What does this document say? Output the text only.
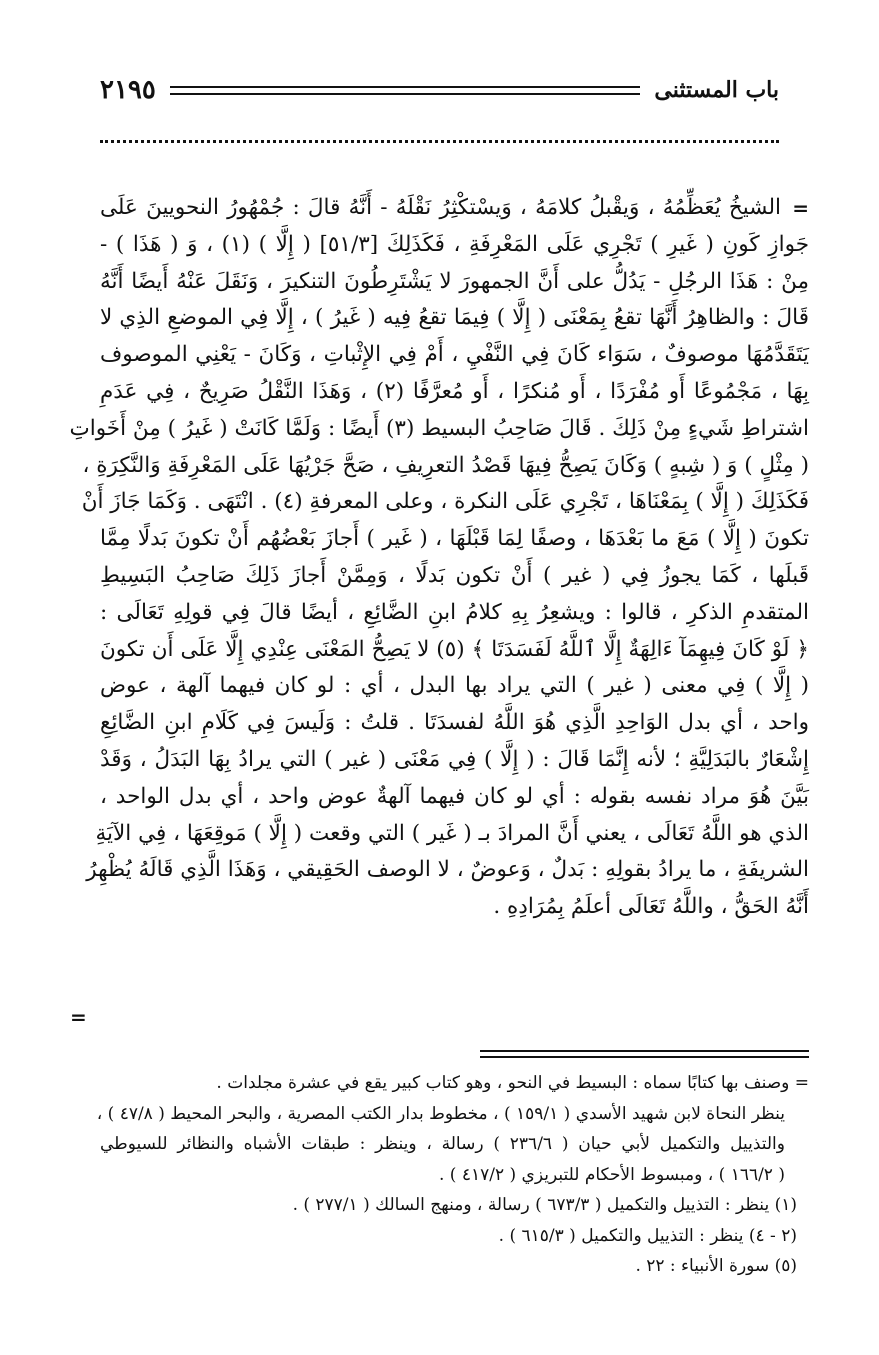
باب المستثنى
٢١٩٥
=
الشيخُ يُعَظِّمُهُ ، وَيقْبلُ كلامَهُ ، وَيسْتكْثِرُ نَقْلَهُ - أَنَّهُ قالَ : جُمْهُورُ النحويينَ عَلَى
جَوازِ كَونِ ( غَيرِ ) تَجْرِي عَلَى المَعْرِفَةِ ، فَكَذَلِكَ [٥١/٣] ( إِلَّا ) (١) ، وَ ( هَذَا ) -
مِنْ : هَذَا الرجُلِ - يَدُلُّ على أَنَّ الجمهورَ لا يَشْتَرِطُونَ التنكيرَ ، وَنَقَلَ عَنْهُ أَيضًا أَنَّهُ
قَالَ : والظاهِرُ أَنَّهَا تقعُ بِمَعْنَى ( إِلَّا ) فِيمَا تقعُ فِيه ( غَيرُ ) ، إِلَّا فِي الموضعِ الذِي لا
يَتَقَدَّمُهَا موصوفٌ ، سَوَاء كَانَ فِي النَّفْيِ ، أَمْ فِي الإِثْباتِ ، وَكَانَ - يَعْنِي الموصوف
بِهَا ، مَجْمُوعًا أَو مُفْرَدًا ، أَو مُنكرًا ، أَو مُعرَّفًا (٢) ، وَهَذَا النَّقْلُ صَرِيحٌ ، فِي عَدَمِ
اشتراطِ شَيءٍ مِنْ ذَلِكَ . قَالَ صَاحِبُ البسيط (٣) أَيضًا : وَلَمَّا كَانَتْ ( غَيرُ ) مِنْ أَخَواتِ
( مِثْلٍ ) وَ ( شِبهٍ ) وَكَانَ يَصِحُّ فِيهَا قَصْدُ التعرِيفِ ، صَحَّ جَرْيُهَا عَلَى المَعْرِفَةِ وَالنَّكِرَةِ ،
فَكَذَلِكَ ( إِلَّا ) بِمَعْنَاهَا ، تَجْرِي عَلَى النكرة ، وعلى المعرفةِ (٤) . انْتَهَى . وَكَمَا جَازَ أَنْ
تكونَ ( إِلَّا ) مَعَ ما بَعْدَهَا ، وصفًا لِمَا قَبْلَهَا ، ( غَير ) أَجازَ بَعْضُهُم أَنْ تكونَ بَدلًا مِمَّا
قَبلَها ، كَمَا يجوزُ فِي ( غير ) أَنْ تكون بَدلًا ، وَمِمَّنْ أَجازَ ذَلِكَ صَاحِبُ البَسِيطِ
المتقدمِ الذكرِ ، قالوا : ويشعِرُ بِهِ كلامُ ابنِ الضَّائِعِ ، أيضًا قالَ فِي قولِهِ تَعَالَى :
﴿ لَوْ كَانَ فِيهِمَآ ءَالِهَةٌ إِلَّا ٱللَّهُ لَفَسَدَتَا ﴾ (٥) لا يَصِحُّ المَعْنَى عِنْدِي إِلَّا عَلَى أَن تكونَ
( إِلَّا ) فِي معنى ( غير ) التي يراد بها البدل ، أي : لو كان فيهما آلهة ، عوض
واحد ، أي بدل الوَاحِدِ الَّذِي هُوَ اللَّهُ لفسدَتَا . قلتُ : وَلَيسَ فِي كَلَامِ ابنِ الضَّائِعِ
إِشْعَارٌ بالبَدَلِيَّةِ ؛ لأنه إِنَّمَا قَالَ : ( إِلَّا ) فِي مَعْنَى ( غير ) التي يرادُ بِهَا البَدَلُ ، وَقَدْ
بَيَّنَ هُوَ مراد نفسه بقوله : أي لو كان فيهما آلهةٌ عوض واحد ، أي بدل الواحد ،
الذي هو اللَّهُ تَعَالَى ، يعني أَنَّ المرادَ بـ ( غَير ) التي وقعت ( إِلَّا ) مَوقِعَهَا ، فِي الآيَةِ
الشريفَةِ ، ما يرادُ بقولِهِ : بَدلٌ ، وَعوضٌ ، لا الوصف الحَقِيقي ، وَهَذَا الَّذِي قَالَهُ يُظْهِرُ
أَنَّهُ الحَقُّ ، واللَّهُ تَعَالَى أعلَمُ بِمُرَادِهِ .
=
= وصنف بها كتابًا سماه : البسيط في النحو ، وهو كتاب كبير يقع في عشرة مجلدات .
ينظر النحاة لابن شهيد الأسدي ( ١٥٩/١ ) ، مخطوط بدار الكتب المصرية ، والبحر المحيط ( ٤٧/٨ ) ،
والتذييل والتكميل لأبي حيان ( ٢٣٦/٦ ) رسالة ، وينظر : طبقات الأشباه والنظائر للسيوطي
( ١٦٦/٢ ) ، ومبسوط الأحكام للتبريزي ( ٤١٧/٢ ) .
(١) ينظر : التذييل والتكميل ( ٦٧٣/٣ ) رسالة ، ومنهج السالك ( ٢٧٧/١ ) .
(٢ - ٤) ينظر : التذييل والتكميل ( ٦١٥/٣ ) .
(٥) سورة الأنبياء : ٢٢ .
